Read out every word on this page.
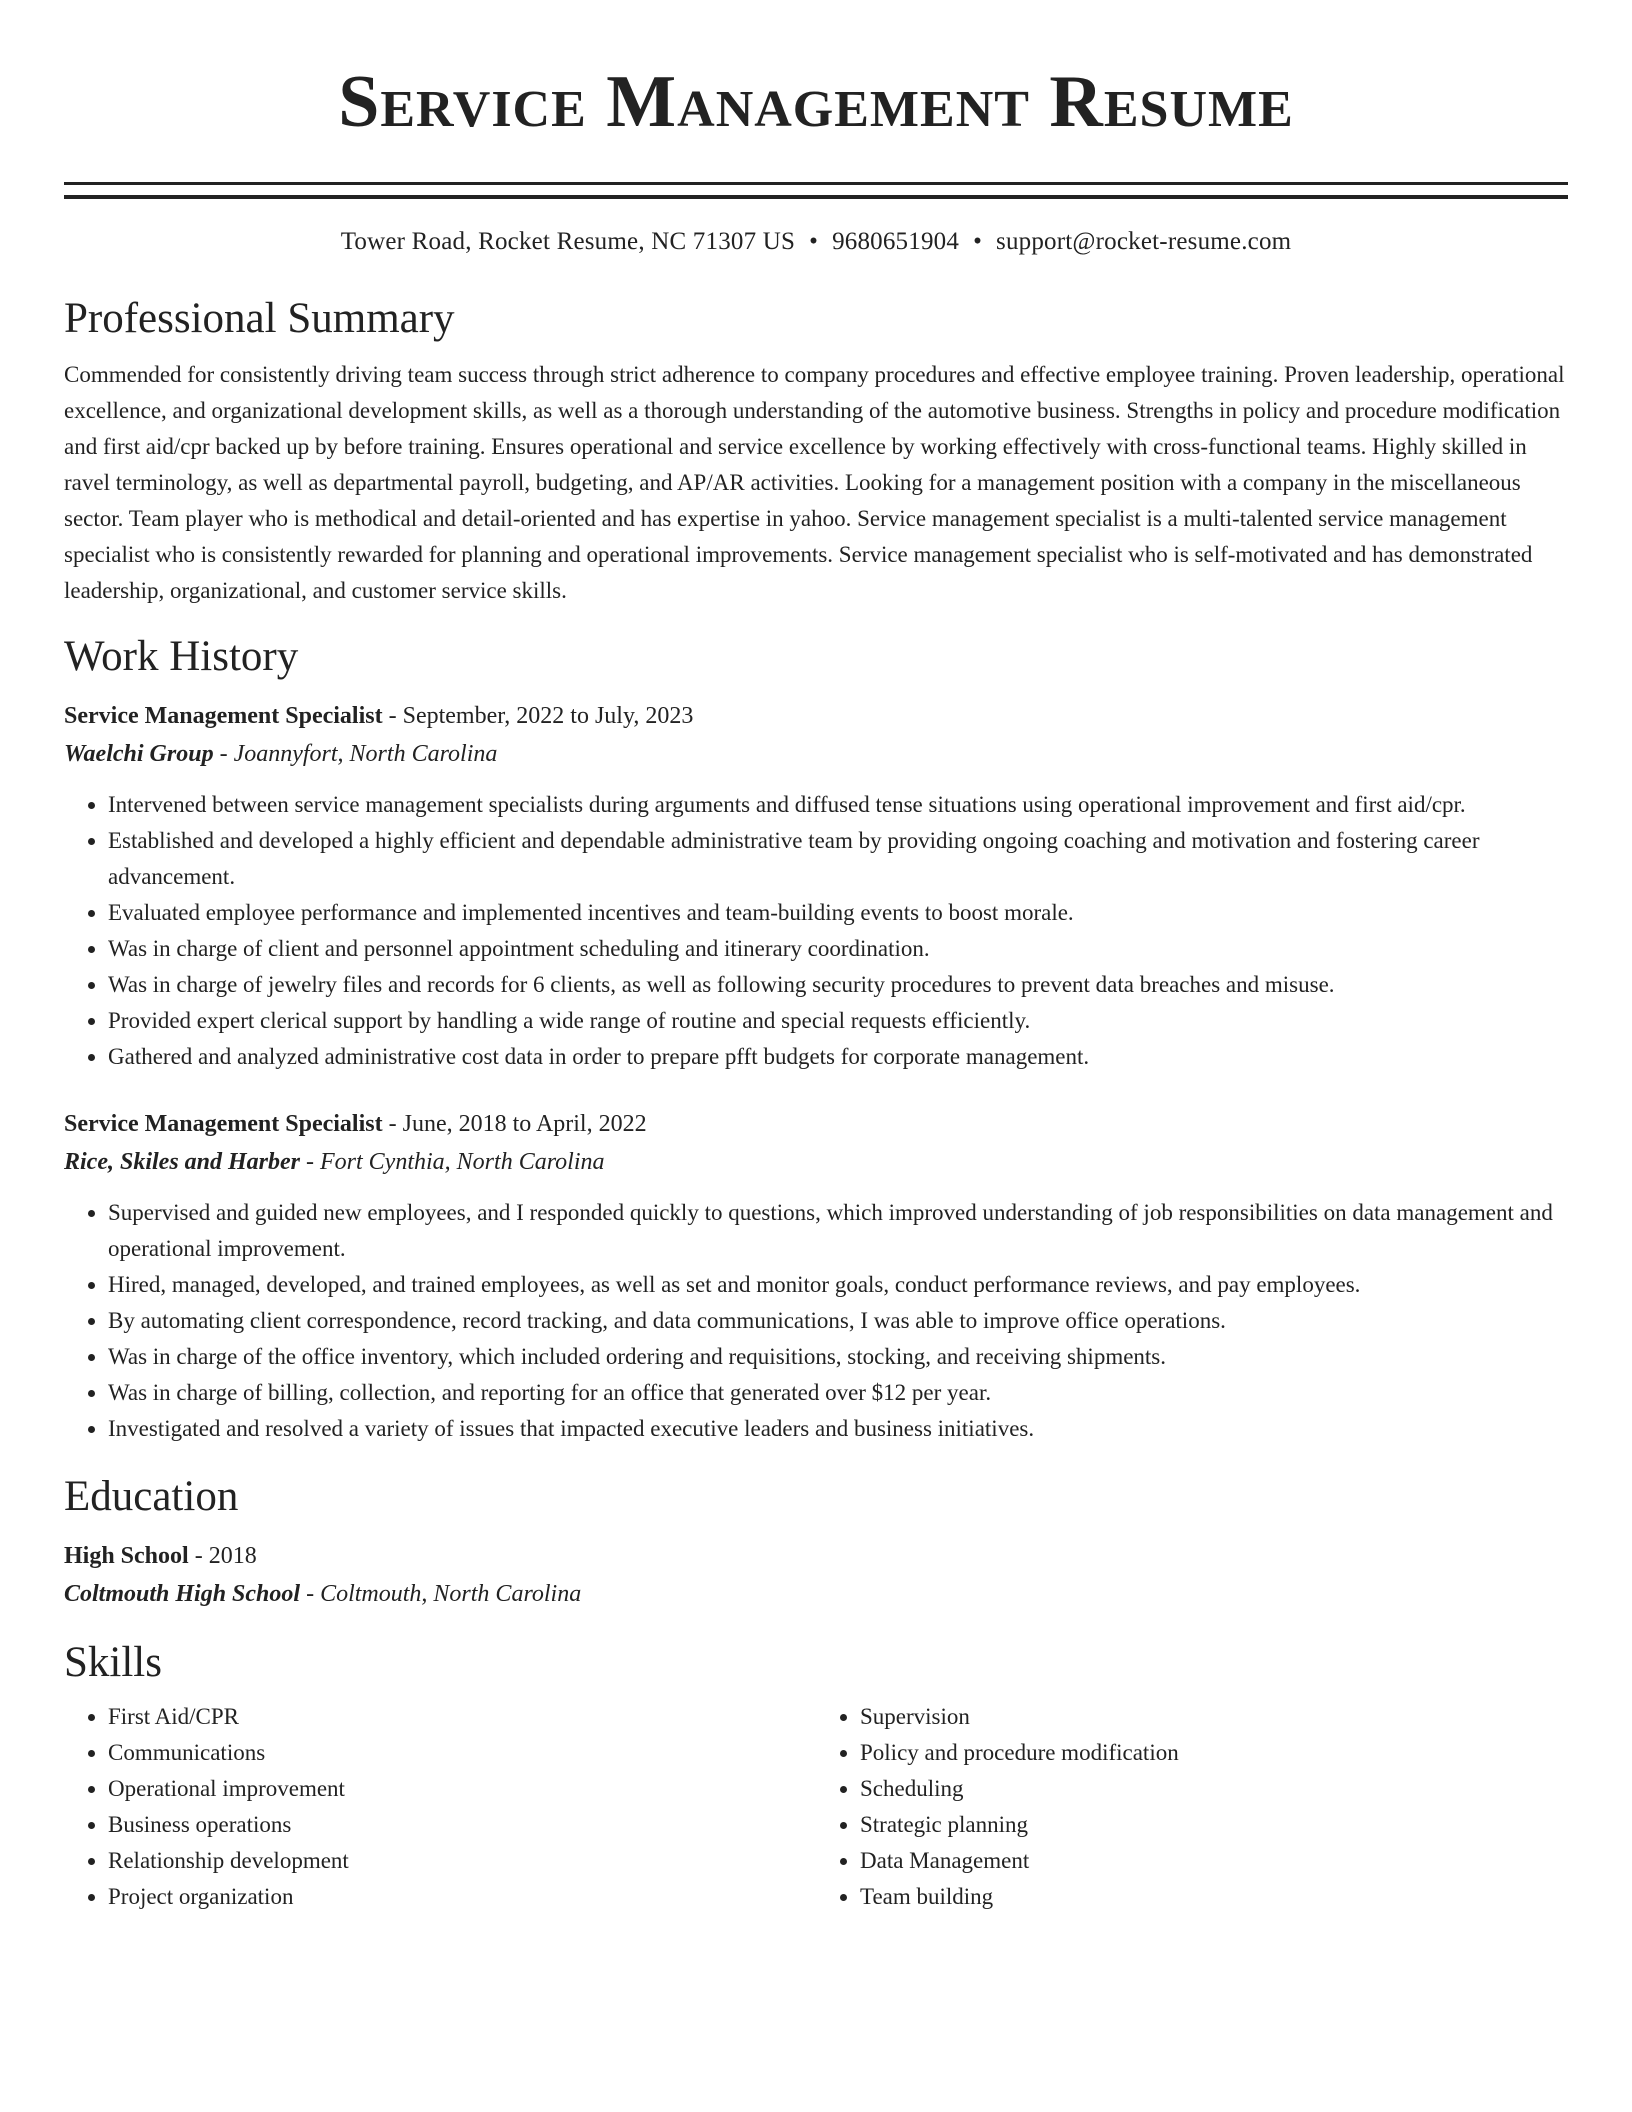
Service Management Resume
Tower Road, Rocket Resume, NC 71307 US • 9680651904 • support@rocket-resume.com
Professional Summary

Commended for consistently driving team success through strict adherence to company procedures and effective employee training. Proven leadership, operational excellence, and organizational development skills, as well as a thorough understanding of the automotive business. Strengths in policy and procedure modification and first aid/cpr backed up by before training. Ensures operational and service excellence by working effectively with cross-functional teams. Highly skilled in ravel terminology, as well as departmental payroll, budgeting, and AP/AR activities. Looking for a management position with a company in the miscellaneous sector. Team player who is methodical and detail-oriented and has expertise in yahoo. Service management specialist is a multi-talented service management specialist who is consistently rewarded for planning and operational improvements. Service management specialist who is self-motivated and has demonstrated leadership, organizational, and customer service skills.

Work History
Service Management Specialist - September, 2022 to July, 2023
Waelchi Group - Joannyfort, North Carolina
• Intervened between service management specialists during arguments and diffused tense situations using operational improvement and first aid/cpr.
• Established and developed a highly efficient and dependable administrative team by providing ongoing coaching and motivation and fostering career advancement.
• Evaluated employee performance and implemented incentives and team-building events to boost morale.
• Was in charge of client and personnel appointment scheduling and itinerary coordination.
• Was in charge of jewelry files and records for 6 clients, as well as following security procedures to prevent data breaches and misuse.
• Provided expert clerical support by handling a wide range of routine and special requests efficiently.
• Gathered and analyzed administrative cost data in order to prepare pfft budgets for corporate management.
Service Management Specialist - June, 2018 to April, 2022
Rice, Skiles and Harber - Fort Cynthia, North Carolina
• Supervised and guided new employees, and I responded quickly to questions, which improved understanding of job responsibilities on data management and operational improvement.
• Hired, managed, developed, and trained employees, as well as set and monitor goals, conduct performance reviews, and pay employees.
• By automating client correspondence, record tracking, and data communications, I was able to improve office operations.
• Was in charge of the office inventory, which included ordering and requisitions, stocking, and receiving shipments.
• Was in charge of billing, collection, and reporting for an office that generated over $12 per year.
• Investigated and resolved a variety of issues that impacted executive leaders and business initiatives.
Education
High School - 2018
Coltmouth High School - Coltmouth, North Carolina
Skills
• First Aid/CPR
• Communications
• Operational improvement
• Business operations
• Relationship development
• Project organization
• Supervision
• Policy and procedure modification
• Scheduling
• Strategic planning
• Data Management
• Team building
